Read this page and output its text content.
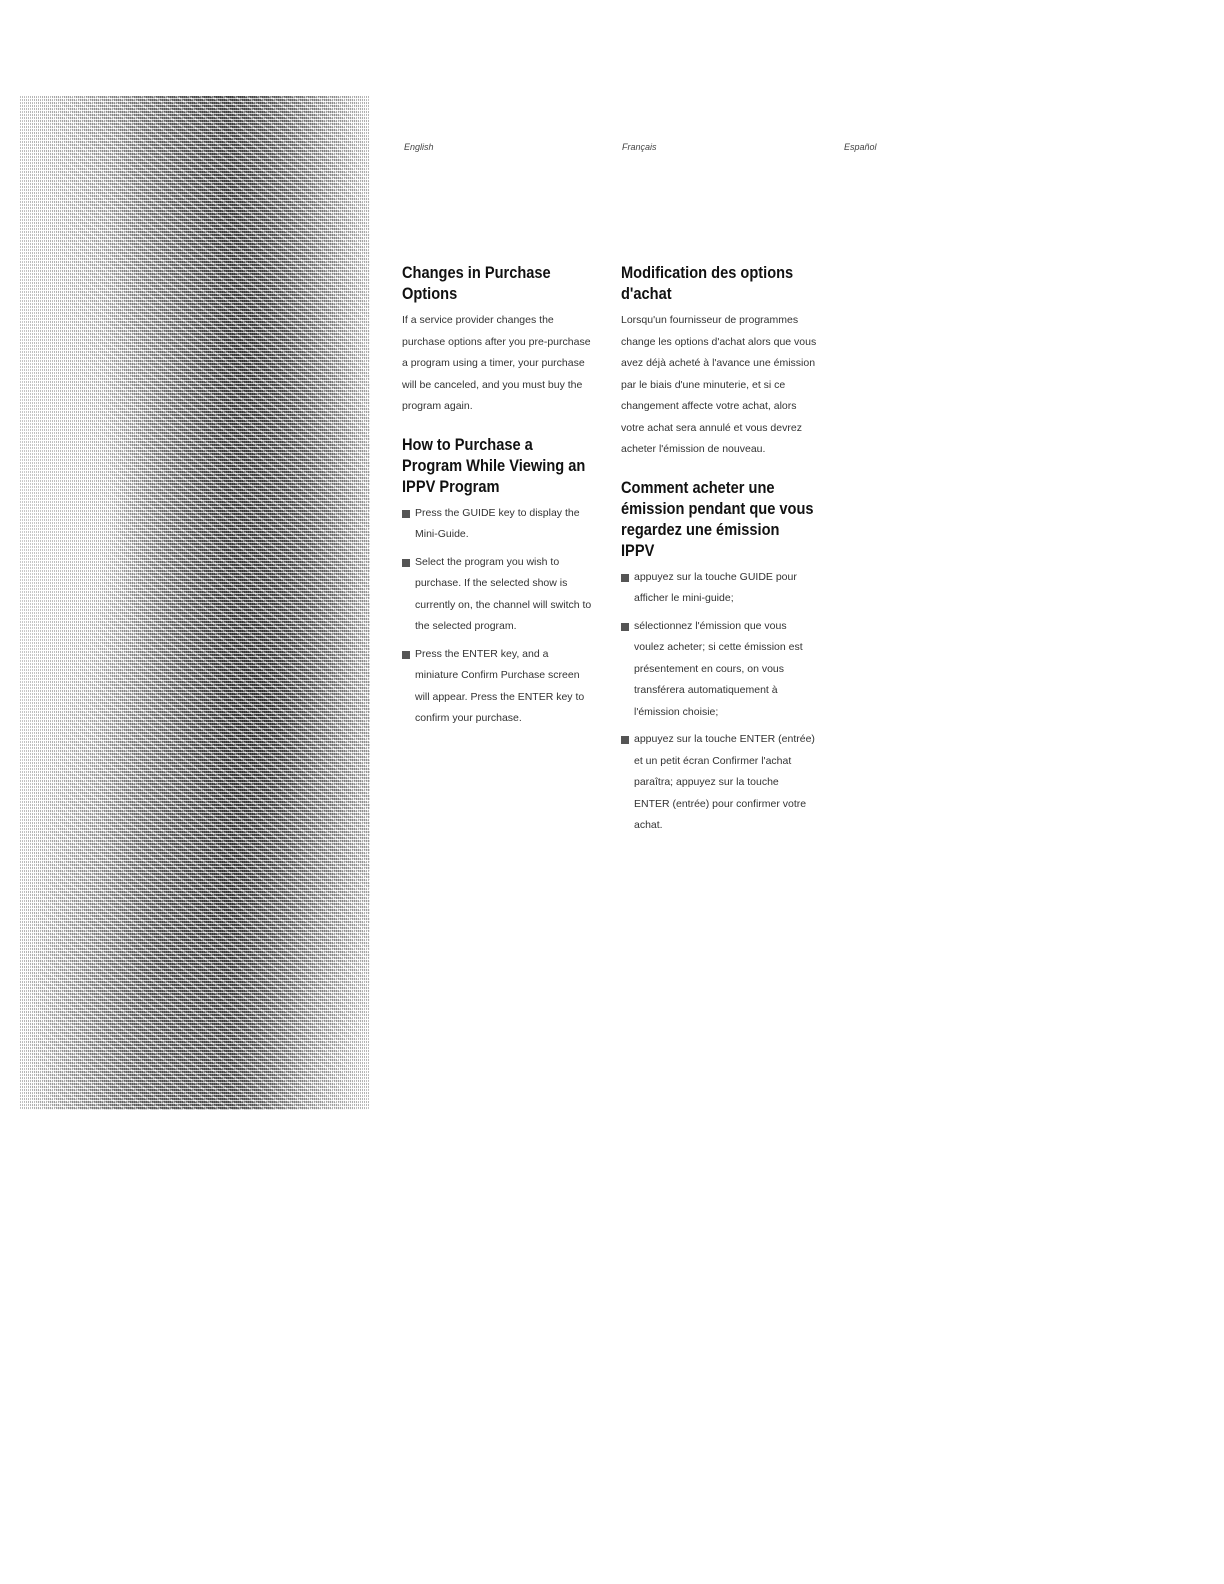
English	Français	Español
Changes in Purchase Options

If a service provider changes the purchase options after you pre-purchase a program using a timer, your purchase will be canceled, and you must buy the program again.

How to Purchase a Program While Viewing an IPPV Program
Press the GUIDE key to display the Mini-Guide.
Select the program you wish to purchase. If the selected show is currently on, the channel will switch to the selected program.
Press the ENTER key, and a miniature Confirm Purchase screen will appear. Press the ENTER key to confirm your purchase.
Modification des options d'achat

Lorsqu'un fournisseur de programmes change les options d'achat alors que vous avez déjà acheté à l'avance une émission par le biais d'une minuterie, et si ce changement affecte votre achat, alors votre achat sera annulé et vous devrez acheter l'émission de nouveau.

Comment acheter une émission pendant que vous regardez une émission IPPV
appuyez sur la touche GUIDE pour afficher le mini-guide;
sélectionnez l'émission que vous voulez acheter; si cette émission est présentement en cours, on vous transférera automatiquement à l'émission choisie;
appuyez sur la touche ENTER (entrée) et un petit écran Confirmer l'achat paraîtra; appuyez sur la touche ENTER (entrée) pour confirmer votre achat.
